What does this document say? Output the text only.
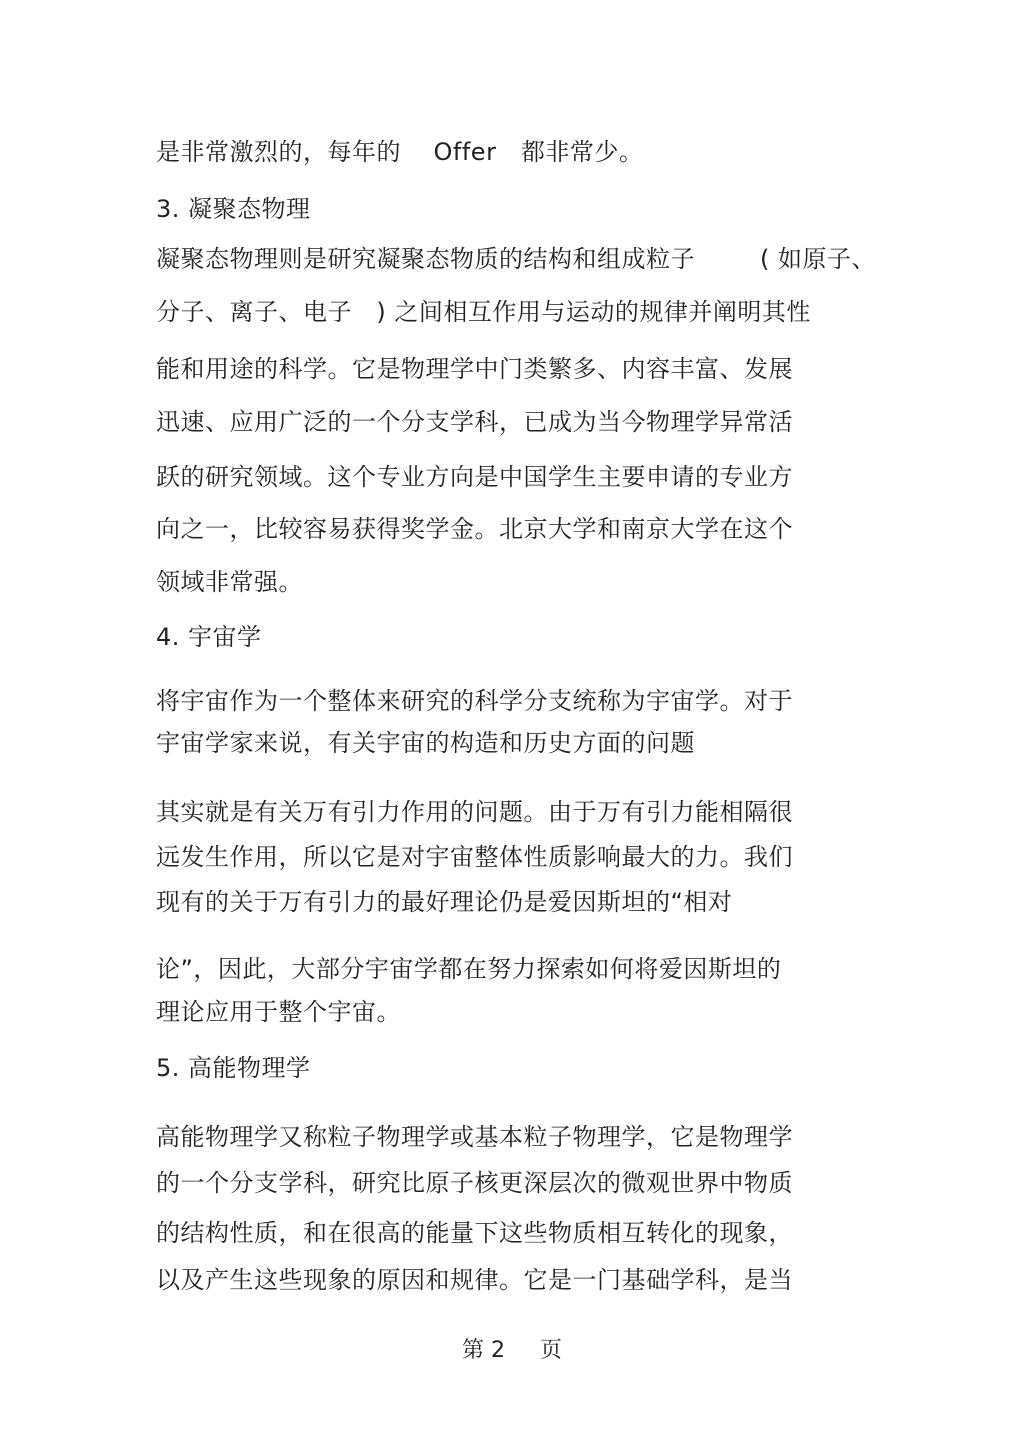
是非常激烈的，每年的    Offer   都非常少。

3. 凝聚态物理

凝聚态物理则是研究凝聚态物质的结构和组成粒子        ( 如原子、

分子、离子、电子   ) 之间相互作用与运动的规律并阐明其性

能和用途的科学。它是物理学中门类繁多、内容丰富、发展

迅速、应用广泛的一个分支学科，已成为当今物理学异常活

跃的研究领域。这个专业方向是中国学生主要申请的专业方

向之一，比较容易获得奖学金。北京大学和南京大学在这个

领域非常强。

4. 宇宙学

将宇宙作为一个整体来研究的科学分支统称为宇宙学。对于

宇宙学家来说，有关宇宙的构造和历史方面的问题

其实就是有关万有引力作用的问题。由于万有引力能相隔很

远发生作用，所以它是对宇宙整体性质影响最大的力。我们

现有的关于万有引力的最好理论仍是爱因斯坦的“相对

论”，因此，大部分宇宙学都在努力探索如何将爱因斯坦的

理论应用于整个宇宙。

5. 高能物理学

高能物理学又称粒子物理学或基本粒子物理学，它是物理学

的一个分支学科，研究比原子核更深层次的微观世界中物质

的结构性质，和在很高的能量下这些物质相互转化的现象，

以及产生这些现象的原因和规律。它是一门基础学科，是当

第 2     页
